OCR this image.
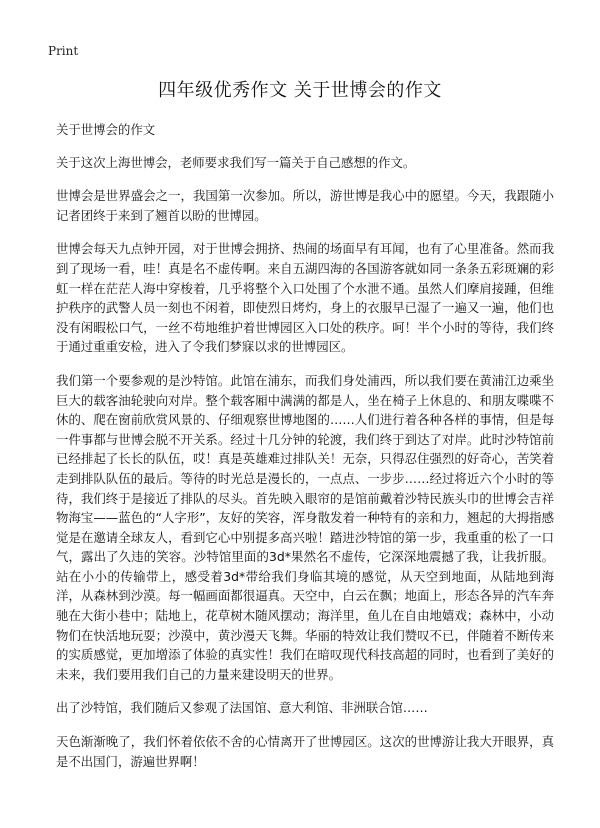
Print
四年级优秀作文 关于世博会的作文

关于世博会的作文

关于这次上海世博会，老师要求我们写一篇关于自己感想的作文。

世博会是世界盛会之一，我国第一次参加。所以，游世博是我心中的愿望。今天，我跟随小记者团终于来到了翘首以盼的世博园。

世博会每天九点钟开园，对于世博会拥挤、热闹的场面早有耳闻，也有了心里准备。然而我到了现场一看，哇！真是名不虚传啊。来自五湖四海的各国游客就如同一条条五彩斑斓的彩虹一样在茫茫人海中穿梭着，几乎将整个入口处围了个水泄不通。虽然人们摩肩接踵，但维护秩序的武警人员一刻也不闲着，即使烈日烤灼，身上的衣服早已湿了一遍又一遍，他们也没有闲暇松口气，一丝不苟地维护着世博园区入口处的秩序。呵！半个小时的等待，我们终于通过重重安检，进入了令我们梦寐以求的世博园区。

我们第一个要参观的是沙特馆。此馆在浦东，而我们身处浦西，所以我们要在黄浦江边乘坐巨大的载客油轮驶向对岸。整个载客厢中满满的都是人，坐在椅子上休息的、和朋友喋喋不休的、爬在窗前欣赏风景的、仔细观察世博地图的……人们进行着各种各样的事情，但是每一件事都与世博会脱不开关系。经过十几分钟的轮渡，我们终于到达了对岸。此时沙特馆前已经排起了长长的队伍，哎！真是英雄难过排队关！无奈，只得忍住强烈的好奇心，苦笑着走到排队队伍的最后。等待的时光总是漫长的，一点点、一步步……经过将近六个小时的等待，我们终于是接近了排队的尽头。首先映入眼帘的是馆前戴着沙特民族头巾的世博会吉祥物海宝——蓝色的“人字形”，友好的笑容，浑身散发着一种特有的亲和力，翘起的大拇指感觉是在邀请全球友人，看到它心中别提多高兴啦！踏进沙特馆的第一步，我重重的松了一口气，露出了久违的笑容。沙特馆里面的3d*果然名不虚传，它深深地震撼了我，让我折服。站在小小的传输带上，感受着3d*带给我们身临其境的感觉，从天空到地面，从陆地到海洋，从森林到沙漠。每一幅画面都很逼真。天空中，白云在飘；地面上，形态各异的汽车奔驰在大街小巷中；陆地上，花草树木随风摆动；海洋里，鱼儿在自由地嬉戏；森林中，小动物们在快活地玩耍；沙漠中，黄沙漫天飞舞。华丽的特效让我们赞叹不已，伴随着不断传来的实质感觉，更加增添了体验的真实性！我们在暗叹现代科技高超的同时，也看到了美好的未来，我们要用我们自己的力量来建设明天的世界。

出了沙特馆，我们随后又参观了法国馆、意大利馆、非洲联合馆……

天色渐渐晚了，我们怀着依依不舍的心情离开了世博园区。这次的世博游让我大开眼界，真是不出国门，游遍世界啊！
